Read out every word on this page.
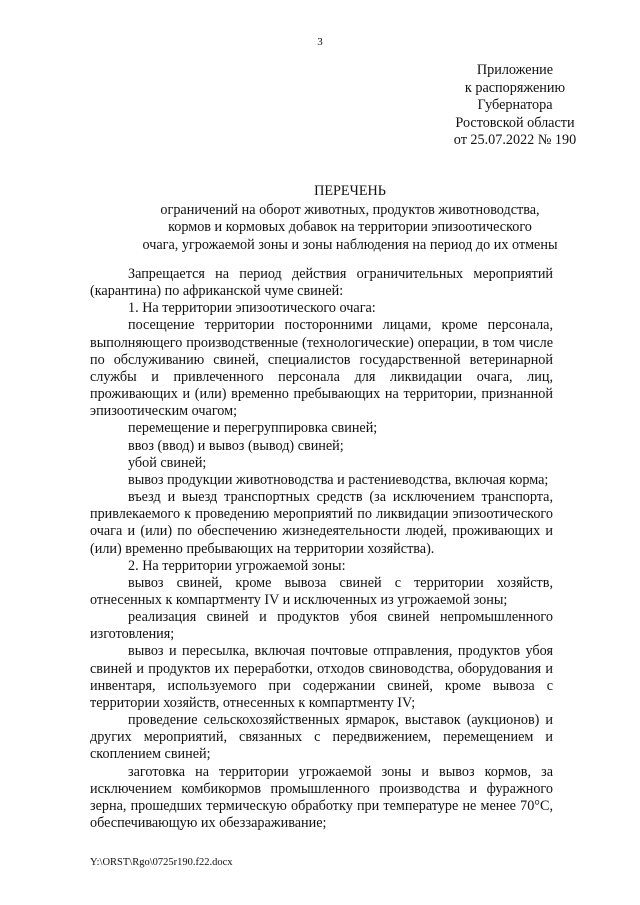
3
Приложение
к распоряжению
Губернатора
Ростовской области
от 25.07.2022 № 190
ПЕРЕЧЕНЬ
ограничений на оборот животных, продуктов животноводства,
кормов и кормовых добавок на территории эпизоотического
очага, угрожаемой зоны и зоны наблюдения на период до их отмены

Запрещается на период действия ограничительных мероприятий (карантина) по африканской чуме свиней:

1. На территории эпизоотического очага:

посещение территории посторонними лицами, кроме персонала, выполняющего производственные (технологические) операции, в том числе по обслуживанию свиней, специалистов государственной ветеринарной службы и привлеченного персонала для ликвидации очага, лиц, проживающих и (или) временно пребывающих на территории, признанной эпизоотическим очагом;

перемещение и перегруппировка свиней;

ввоз (ввод) и вывоз (вывод) свиней;

убой свиней;

вывоз продукции животноводства и растениеводства, включая корма;

въезд и выезд транспортных средств (за исключением транспорта, привлекаемого к проведению мероприятий по ликвидации эпизоотического очага и (или) по обеспечению жизнедеятельности людей, проживающих и (или) временно пребывающих на территории хозяйства).

2. На территории угрожаемой зоны:

вывоз свиней, кроме вывоза свиней с территории хозяйств, отнесенных к компартменту IV и исключенных из угрожаемой зоны;

реализация свиней и продуктов убоя свиней непромышленного изготовления;

вывоз и пересылка, включая почтовые отправления, продуктов убоя свиней и продуктов их переработки, отходов свиноводства, оборудования и инвентаря, используемого при содержании свиней, кроме вывоза с территории хозяйств, отнесенных к компартменту IV;

проведение сельскохозяйственных ярмарок, выставок (аукционов) и других мероприятий, связанных с передвижением, перемещением и скоплением свиней;

заготовка на территории угрожаемой зоны и вывоз кормов, за исключением комбикормов промышленного производства и фуражного зерна, прошедших термическую обработку при температуре не менее 70°С, обеспечивающую их обеззараживание;

Y:\ORST\Rgo\0725r190.f22.docx
